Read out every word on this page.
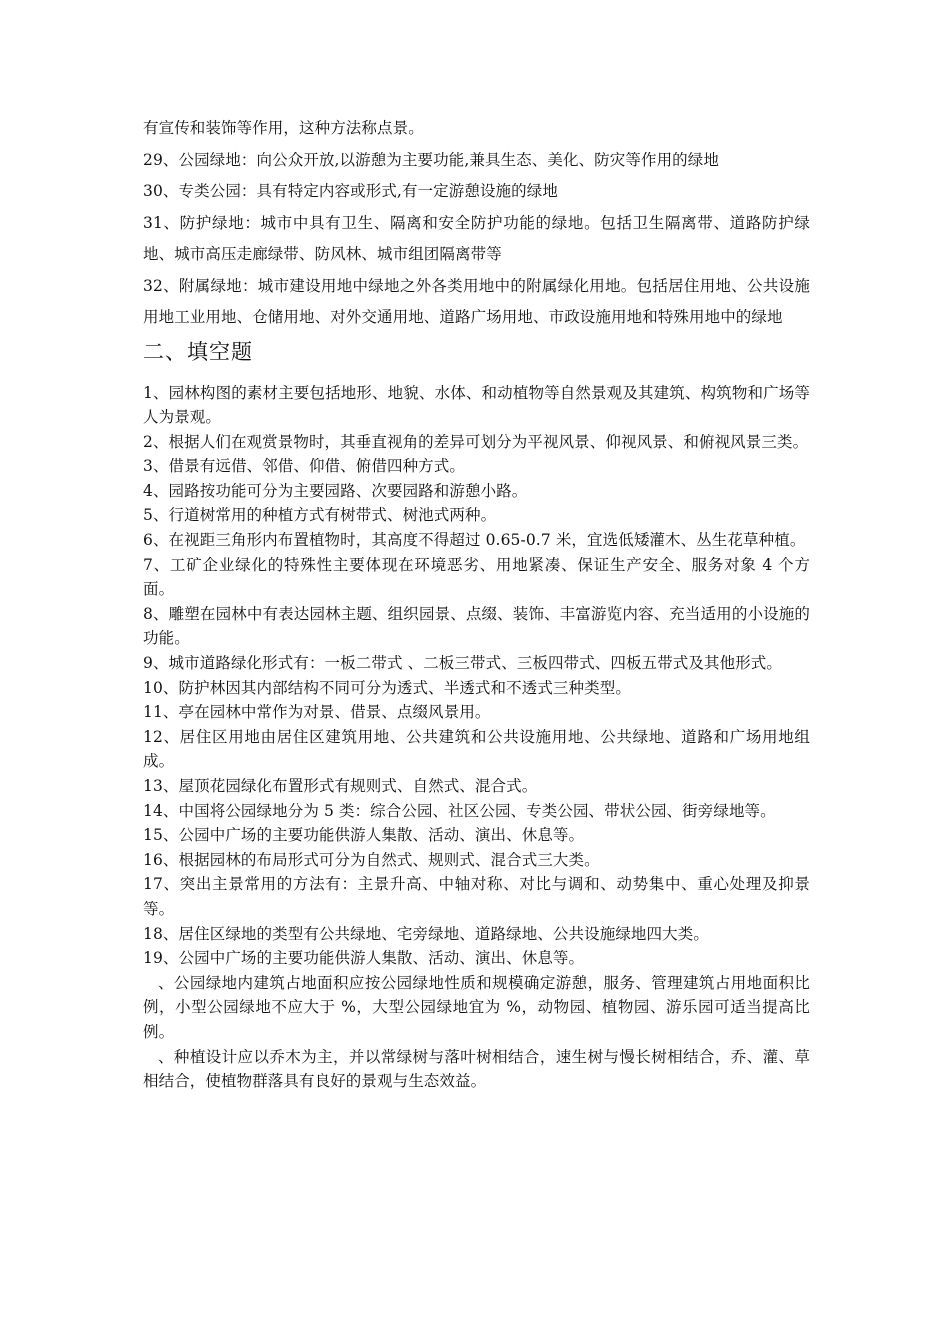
有宣传和装饰等作用，这种方法称点景。

29、公园绿地：向公众开放,以游憩为主要功能,兼具生态、美化、防灾等作用的绿地

30、专类公园：具有特定内容或形式,有一定游憩设施的绿地

31、防护绿地：城市中具有卫生、隔离和安全防护功能的绿地。包括卫生隔离带、道路防护绿地、城市高压走廊绿带、防风林、城市组团隔离带等

32、附属绿地：城市建设用地中绿地之外各类用地中的附属绿化用地。包括居住用地、公共设施用地工业用地、仓储用地、对外交通用地、道路广场用地、市政设施用地和特殊用地中的绿地

二、填空题

1、园林构图的素材主要包括地形、地貌、水体、和动植物等自然景观及其建筑、构筑物和广场等人为景观。

2、根据人们在观赏景物时，其垂直视角的差异可划分为平视风景、仰视风景、和俯视风景三类。

3、借景有远借、邻借、仰借、俯借四种方式。

4、园路按功能可分为主要园路、次要园路和游憩小路。

5、行道树常用的种植方式有树带式、树池式两种。

6、在视距三角形内布置植物时，其高度不得超过 0.65-0.7 米，宜选低矮灌木、丛生花草种植。

7、工矿企业绿化的特殊性主要体现在环境恶劣、用地紧凑、保证生产安全、服务对象 4 个方面。

8、雕塑在园林中有表达园林主题、组织园景、点缀、装饰、丰富游览内容、充当适用的小设施的功能。

9、城市道路绿化形式有：一板二带式 、二板三带式、三板四带式、四板五带式及其他形式。

10、防护林因其内部结构不同可分为透式、半透式和不透式三种类型。

11、亭在园林中常作为对景、借景、点缀风景用。

12、居住区用地由居住区建筑用地、公共建筑和公共设施用地、公共绿地、道路和广场用地组成。

13、屋顶花园绿化布置形式有规则式、自然式、混合式。

14、中国将公园绿地分为 5 类：综合公园、社区公园、专类公园、带状公园、街旁绿地等。

15、公园中广场的主要功能供游人集散、活动、演出、休息等。

16、根据园林的布局形式可分为自然式、规则式、混合式三大类。

17、突出主景常用的方法有：主景升高、中轴对称、对比与调和、动势集中、重心处理及抑景等。

18、居住区绿地的类型有公共绿地、宅旁绿地、道路绿地、公共设施绿地四大类。

19、公园中广场的主要功能供游人集散、活动、演出、休息等。

、公园绿地内建筑占地面积应按公园绿地性质和规模确定游憩，服务、管理建筑占用地面积比例，小型公园绿地不应大于 %，大型公园绿地宜为 %，动物园、植物园、游乐园可适当提高比例。

、种植设计应以乔木为主，并以常绿树与落叶树相结合，速生树与慢长树相结合，乔、灌、草相结合，使植物群落具有良好的景观与生态效益。
